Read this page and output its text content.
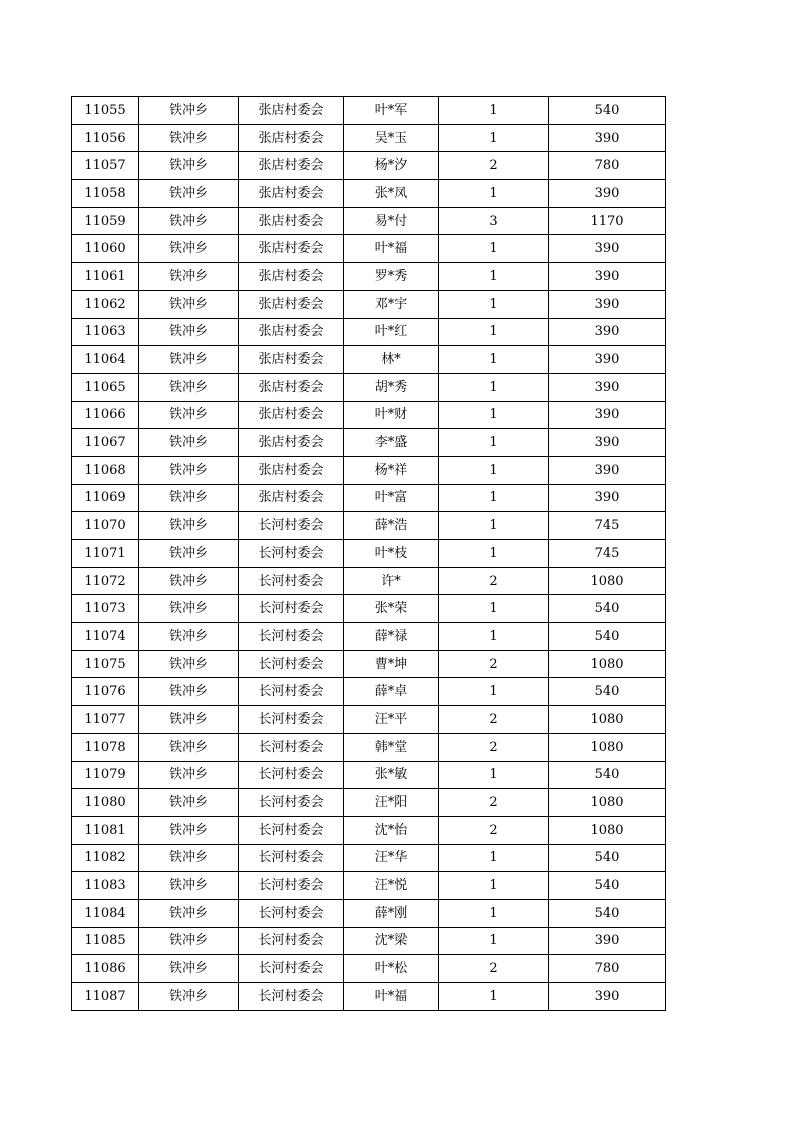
11055	铁冲乡	张店村委会	叶*军	1	540
11056	铁冲乡	张店村委会	吴*玉	1	390
11057	铁冲乡	张店村委会	杨*汐	2	780
11058	铁冲乡	张店村委会	张*凤	1	390
11059	铁冲乡	张店村委会	易*付	3	1170
11060	铁冲乡	张店村委会	叶*福	1	390
11061	铁冲乡	张店村委会	罗*秀	1	390
11062	铁冲乡	张店村委会	邓*宇	1	390
11063	铁冲乡	张店村委会	叶*红	1	390
11064	铁冲乡	张店村委会	林*	1	390
11065	铁冲乡	张店村委会	胡*秀	1	390
11066	铁冲乡	张店村委会	叶*财	1	390
11067	铁冲乡	张店村委会	李*盛	1	390
11068	铁冲乡	张店村委会	杨*祥	1	390
11069	铁冲乡	张店村委会	叶*富	1	390
11070	铁冲乡	长河村委会	薛*浩	1	745
11071	铁冲乡	长河村委会	叶*枝	1	745
11072	铁冲乡	长河村委会	许*	2	1080
11073	铁冲乡	长河村委会	张*荣	1	540
11074	铁冲乡	长河村委会	薛*禄	1	540
11075	铁冲乡	长河村委会	曹*坤	2	1080
11076	铁冲乡	长河村委会	薛*卓	1	540
11077	铁冲乡	长河村委会	汪*平	2	1080
11078	铁冲乡	长河村委会	韩*堂	2	1080
11079	铁冲乡	长河村委会	张*敏	1	540
11080	铁冲乡	长河村委会	汪*阳	2	1080
11081	铁冲乡	长河村委会	沈*怡	2	1080
11082	铁冲乡	长河村委会	汪*华	1	540
11083	铁冲乡	长河村委会	汪*悦	1	540
11084	铁冲乡	长河村委会	薛*刚	1	540
11085	铁冲乡	长河村委会	沈*梁	1	390
11086	铁冲乡	长河村委会	叶*松	2	780
11087	铁冲乡	长河村委会	叶*福	1	390
